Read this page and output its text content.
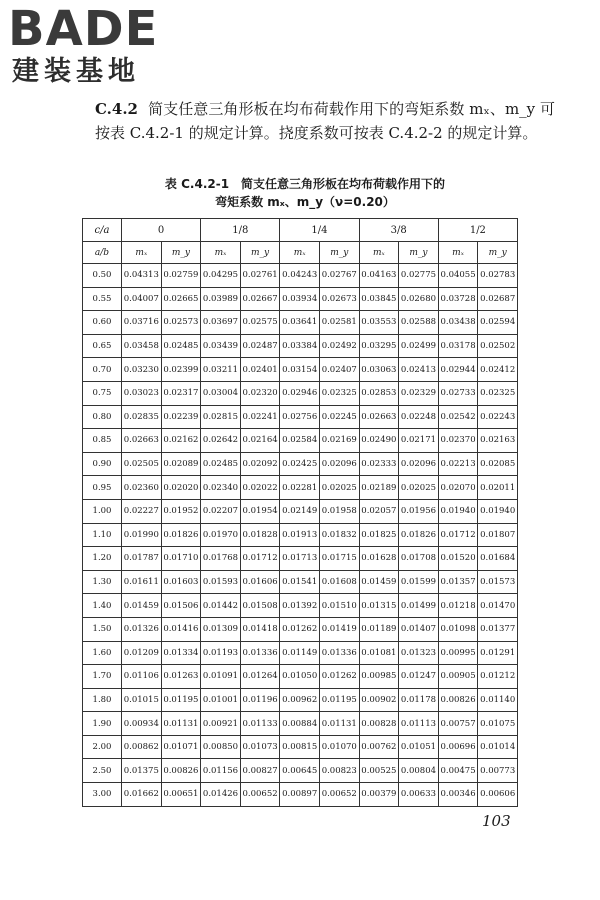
BADE
建装基地
C.4.2 简支任意三角形板在均布荷载作用下的弯矩系数 mₓ、m_y 可按表 C.4.2-1 的规定计算。挠度系数可按表 C.4.2-2 的规定计算。
表 C.4.2-1　简支任意三角形板在均布荷载作用下的
弯矩系数 mₓ、m_y（ν=0.20）
c/a	0		1/8		1/4		3/8		1/2	
a/b	mₓ	m_y	mₓ	m_y	mₓ	m_y	mₓ	m_y	mₓ	m_y
0.50	0.04313	0.02759	0.04295	0.02761	0.04243	0.02767	0.04163	0.02775	0.04055	0.02783
0.55	0.04007	0.02665	0.03989	0.02667	0.03934	0.02673	0.03845	0.02680	0.03728	0.02687
0.60	0.03716	0.02573	0.03697	0.02575	0.03641	0.02581	0.03553	0.02588	0.03438	0.02594
0.65	0.03458	0.02485	0.03439	0.02487	0.03384	0.02492	0.03295	0.02499	0.03178	0.02502
0.70	0.03230	0.02399	0.03211	0.02401	0.03154	0.02407	0.03063	0.02413	0.02944	0.02412
0.75	0.03023	0.02317	0.03004	0.02320	0.02946	0.02325	0.02853	0.02329	0.02733	0.02325
0.80	0.02835	0.02239	0.02815	0.02241	0.02756	0.02245	0.02663	0.02248	0.02542	0.02243
0.85	0.02663	0.02162	0.02642	0.02164	0.02584	0.02169	0.02490	0.02171	0.02370	0.02163
0.90	0.02505	0.02089	0.02485	0.02092	0.02425	0.02096	0.02333	0.02096	0.02213	0.02085
0.95	0.02360	0.02020	0.02340	0.02022	0.02281	0.02025	0.02189	0.02025	0.02070	0.02011
1.00	0.02227	0.01952	0.02207	0.01954	0.02149	0.01958	0.02057	0.01956	0.01940	0.01940
1.10	0.01990	0.01826	0.01970	0.01828	0.01913	0.01832	0.01825	0.01826	0.01712	0.01807
1.20	0.01787	0.01710	0.01768	0.01712	0.01713	0.01715	0.01628	0.01708	0.01520	0.01684
1.30	0.01611	0.01603	0.01593	0.01606	0.01541	0.01608	0.01459	0.01599	0.01357	0.01573
1.40	0.01459	0.01506	0.01442	0.01508	0.01392	0.01510	0.01315	0.01499	0.01218	0.01470
1.50	0.01326	0.01416	0.01309	0.01418	0.01262	0.01419	0.01189	0.01407	0.01098	0.01377
1.60	0.01209	0.01334	0.01193	0.01336	0.01149	0.01336	0.01081	0.01323	0.00995	0.01291
1.70	0.01106	0.01263	0.01091	0.01264	0.01050	0.01262	0.00985	0.01247	0.00905	0.01212
1.80	0.01015	0.01195	0.01001	0.01196	0.00962	0.01195	0.00902	0.01178	0.00826	0.01140
1.90	0.00934	0.01131	0.00921	0.01133	0.00884	0.01131	0.00828	0.01113	0.00757	0.01075
2.00	0.00862	0.01071	0.00850	0.01073	0.00815	0.01070	0.00762	0.01051	0.00696	0.01014
2.50	0.01375	0.00826	0.01156	0.00827	0.00645	0.00823	0.00525	0.00804	0.00475	0.00773
3.00	0.01662	0.00651	0.01426	0.00652	0.00897	0.00652	0.00379	0.00633	0.00346	0.00606
103
